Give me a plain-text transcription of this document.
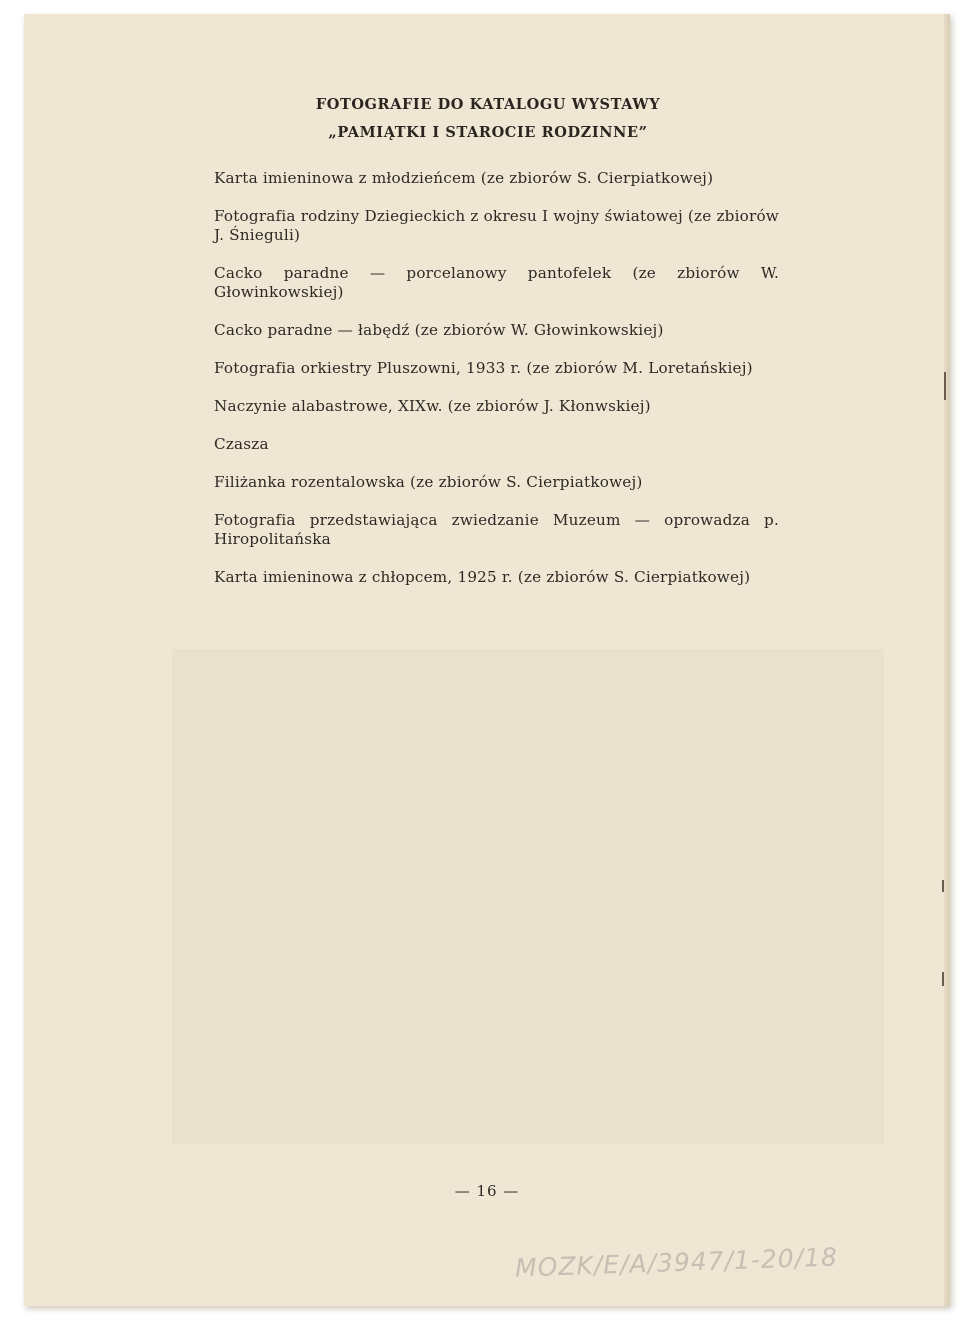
FOTOGRAFIE DO KATALOGU WYSTAWY
„PAMIĄTKI I STAROCIE RODZINNE”

Karta imieninowa z młodzieńcem (ze zbiorów S. Cierpiatkowej)

Fotografia rodziny Dziegieckich z okresu I wojny światowej (ze zbiorów J. Śnieguli)

Cacko paradne — porcelanowy pantofelek (ze zbiorów W. Głowinkowskiej)

Cacko paradne — łabędź (ze zbiorów W. Głowinkowskiej)

Fotografia orkiestry Pluszowni, 1933 r. (ze zbiorów M. Loretańskiej)

Naczynie alabastrowe, XIXw. (ze zbiorów J. Kłonwskiej)

Czasza

Filiżanka rozentalowska (ze zbiorów S. Cierpiatkowej)

Fotografia przedstawiająca zwiedzanie Muzeum — oprowadza p. Hiropolitańska

Karta imieninowa z chłopcem, 1925 r. (ze zbiorów S. Cierpiatkowej)

— 16 —
MOZK/E/A/3947/1-20/18
